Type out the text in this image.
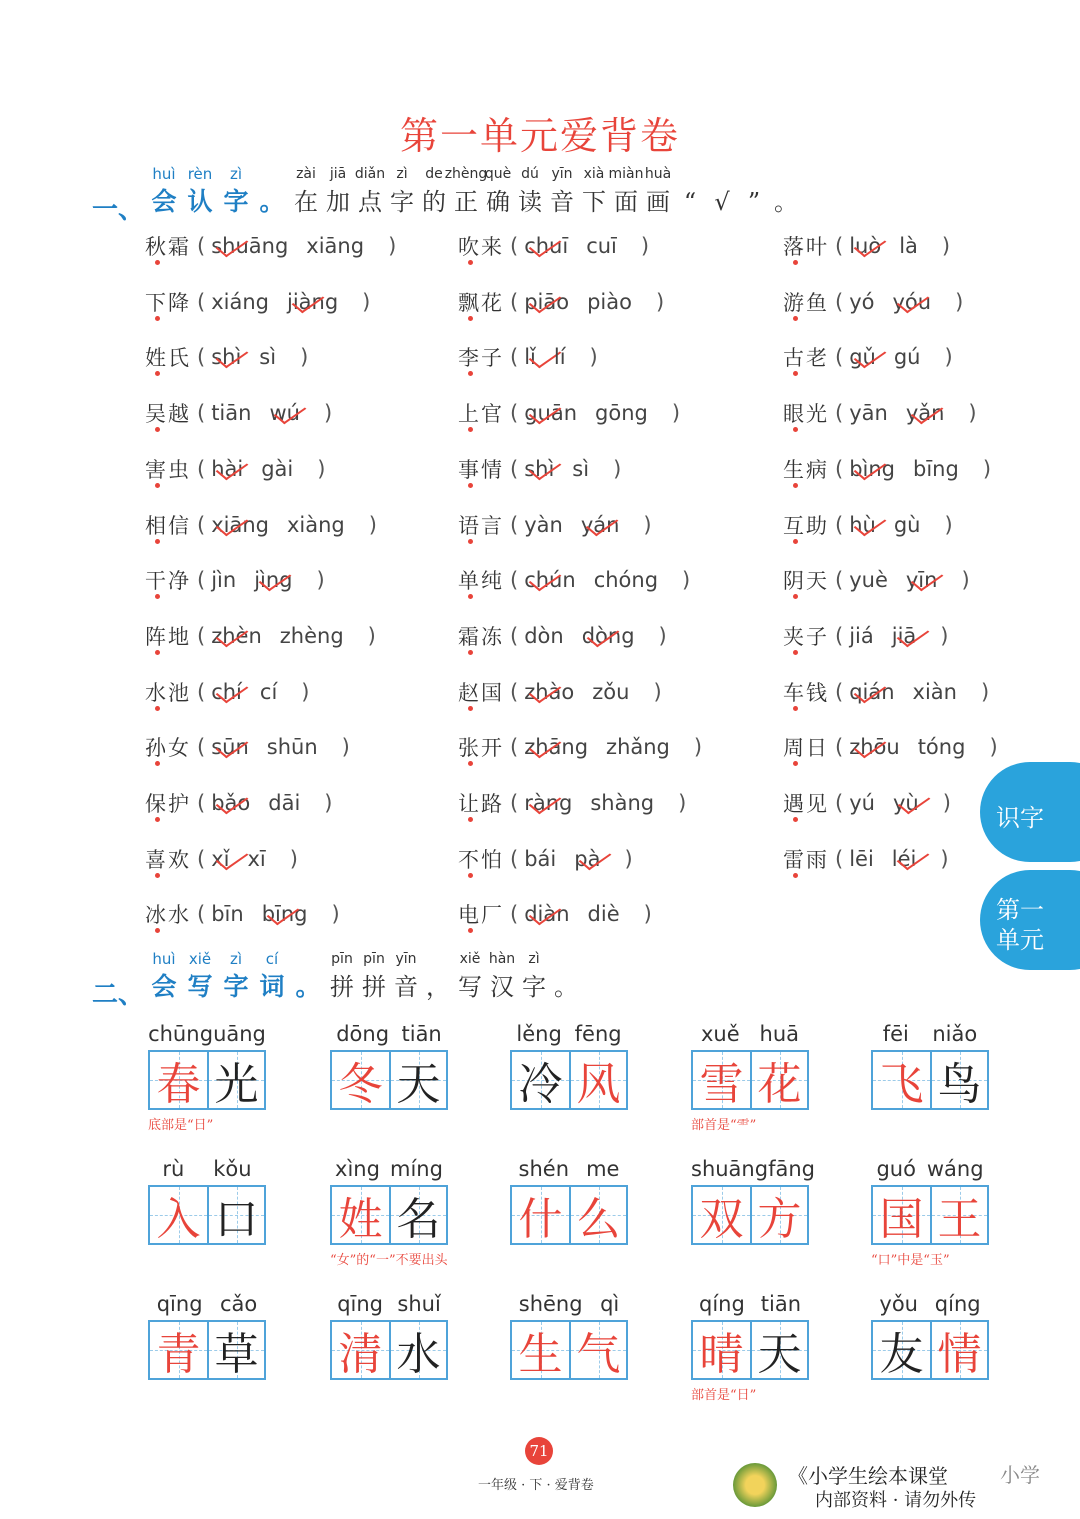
第一单元爱背卷
一、
huì
会
rèn
认
zì
字 。
zài
在
jiā
加
diǎn
点
zì
字
de
的
zhèng
正
què
确
dú
读
yīn
音
xià
下
miàn
面
huà
画 “ √ ” 。
秋霜 ( shuāng xiāng )	吹来 ( chuī cuī )	落叶 ( luò là )
下降 ( xiáng jiàng )	飘花 ( piāo piào )	游鱼 ( yó yóu )
姓氏 ( shì sì )	李子 ( lǐ lí )	古老 ( gǔ gú )
吴越 ( tiān wú )	上官 ( guān gōng )	眼光 ( yān yǎn )
害虫 ( hài gài )	事情 ( shì sì )	生病 ( bìng bīng )
相信 ( xiāng xiàng )	语言 ( yàn yán )	互助 ( hù gù )
干净 ( jìn jìng )	单纯 ( chún chóng )	阴天 ( yuè yīn )
阵地 ( zhèn zhèng )	霜冻 ( dòn dòng )	夹子 ( jiá jiā )
水池 ( chí cí )	赵国 ( zhào zǒu )	车钱 ( qián xiàn )
孙女 ( sūn shūn )	张开 ( zhāng zhǎng )	周日 ( zhōu tóng )
保护 ( bǎo dāi )	让路 ( ràng shàng )	遇见 ( yú yù )
喜欢 ( xǐ xī )	不怕 ( bái pà )	雷雨 ( lēi léi )
冰水 ( bīn bīng )	电厂 ( diàn diè )
二、
huì
会
xiě
写
zì
字
cí
词 。
pīn
拼
pīn
拼
yīn
音 ，
xiě
写
hàn
汉
zì
字 。
chūn guāng
春 光
底部是“日”
dōng tiān
冬 天
lěng fēng
冷 风
xuě huā
雪 花
部首是“⻗”
fēi niǎo
飞 鸟
rù kǒu
入 口
xìng míng
姓 名
“女”的“一”不要出头
shén me
什 么
shuāng fāng
双 方
guó wáng
国 王
“口”中是“玉”
qīng cǎo
青 草
qīng shuǐ
清 水
shēng qì
生 气
qíng tiān
晴 天
部首是“日”
yǒu qíng
友 情
识字
第一
单元
71
一年级 · 下 · 爱背卷	《小学生绘本课堂
内部资料 · 请勿外传
小学
